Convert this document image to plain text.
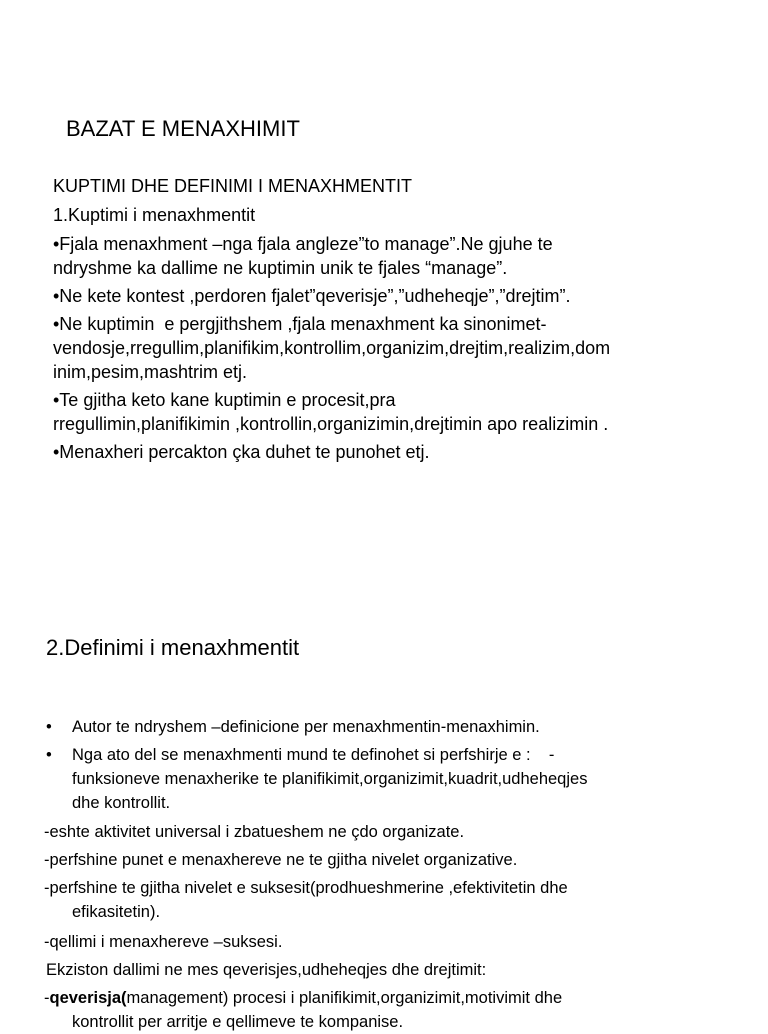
BAZAT E MENAXHIMIT
KUPTIMI DHE DEFINIMI I MENAXHMENTIT
1.Kuptimi i menaxhmentit

•Fjala menaxhment –nga fjala angleze”to manage”.Ne gjuhe te
ndryshme ka dallime ne kuptimin unik te fjales “manage”.

•Ne kete kontest ,perdoren fjalet”qeverisje”,”udheheqje”,”drejtim”.

•Ne kuptimin  e pergjithshem ,fjala menaxhment ka sinonimet-
vendosje,rregullim,planifikim,kontrollim,organizim,drejtim,realizim,dom
inim,pesim,mashtrim etj.

•Te gjitha keto kane kuptimin e procesit,pra
rregullimin,planifikimin ,kontrollin,organizimin,drejtimin apo realizimin .

•Menaxheri percakton çka duhet te punohet etj.

2.Definimi i menaxhmentit
• Autor te ndryshem –definicione per menaxhmentin-menaxhimin.
• Nga ato del se menaxhmenti mund te definohet si perfshirje e :    -
funksioneve menaxherike te planifikimit,organizimit,kuadrit,udheheqjes
dhe kontrollit.
-eshte aktivitet universal i zbatueshem ne çdo organizate.
-perfshine punet e menaxhereve ne te gjitha nivelet organizative.
-perfshine te gjitha nivelet e suksesit(prodhueshmerine ,efektivitetin dhe
efikasitetin).
-qellimi i menaxhereve –suksesi.
Ekziston dallimi ne mes qeverisjes,udheheqjes dhe drejtimit:
-qeverisja(management) procesi i planifikimit,organizimit,motivimit dhe
kontrollit per arritje e qellimeve te kompanise.
